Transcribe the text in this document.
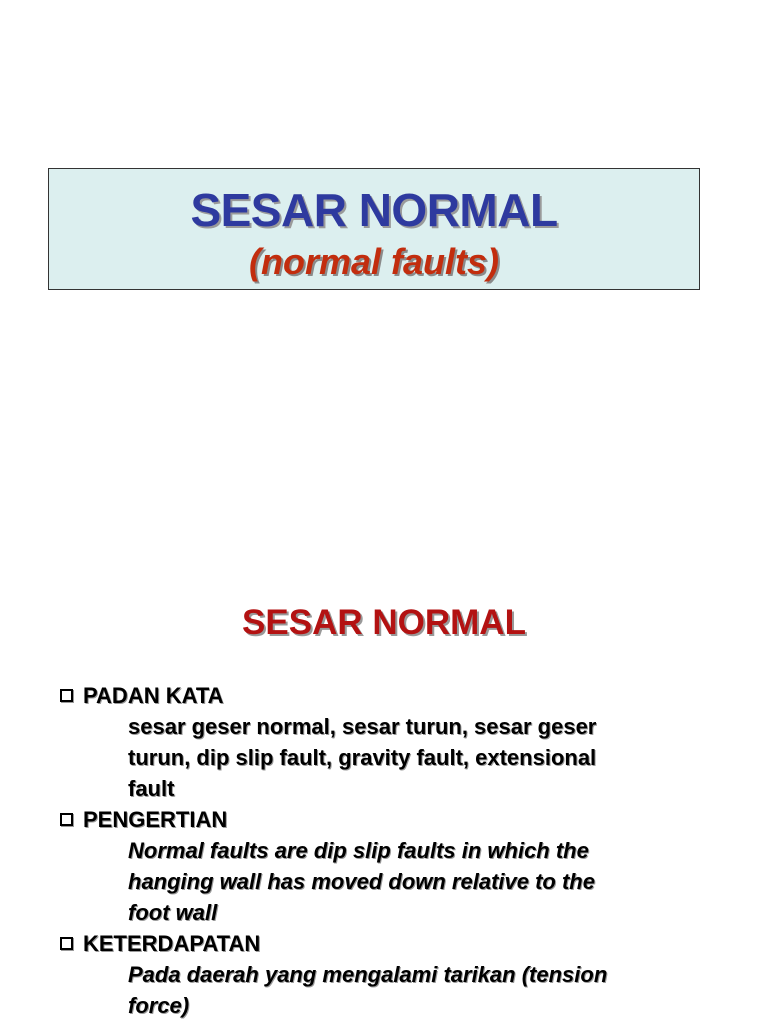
SESAR NORMAL
(normal faults)
SESAR NORMAL
PADAN KATA
sesar geser normal, sesar turun, sesar geser
turun, dip slip fault, gravity fault, extensional
fault
PENGERTIAN
Normal faults are dip slip faults in which the
hanging wall has moved down relative to the
foot wall
KETERDAPATAN
Pada daerah yang mengalami tarikan (tension
force)
